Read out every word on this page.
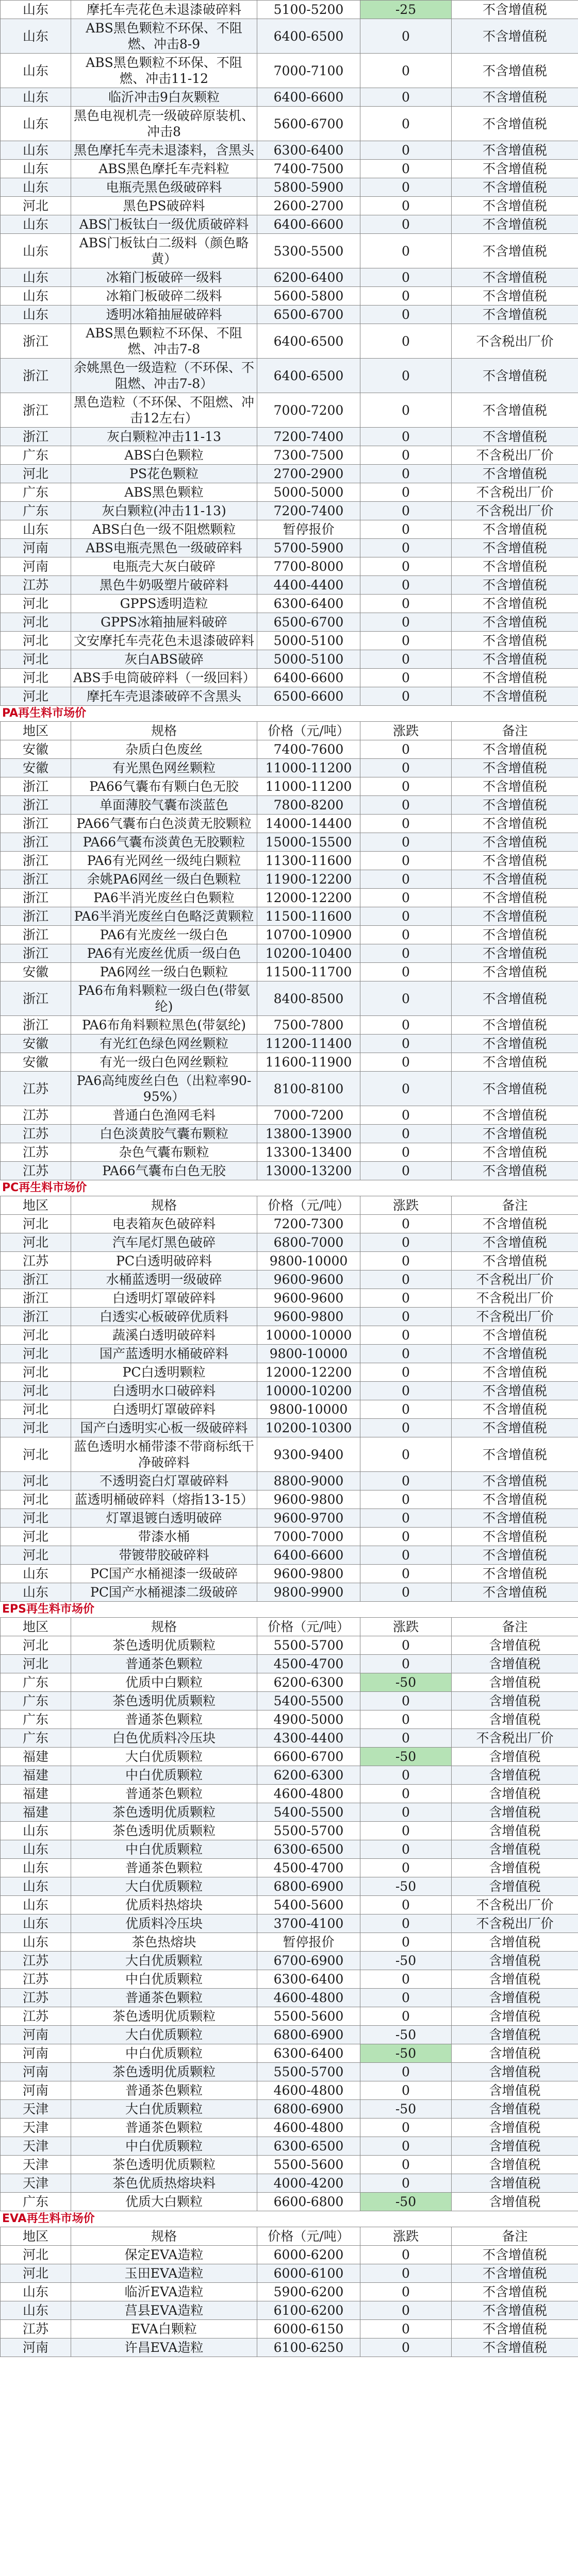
山东	摩托车壳花色未退漆破碎料	5100-5200	-25	不含增值税
山东	ABS黑色颗粒不环保、不阻燃、冲击8-9	6400-6500	0	不含增值税
山东	ABS黑色颗粒不环保、不阻燃、冲击11-12	7000-7100	0	不含增值税
山东	临沂冲击9白灰颗粒	6400-6600	0	不含增值税
山东	黑色电视机壳一级破碎原装机、冲击8	5600-6700	0	不含增值税
山东	黑色摩托车壳未退漆料，含黑头	6300-6400	0	不含增值税
山东	ABS黑色摩托车壳料粒	7400-7500	0	不含增值税
山东	电瓶壳黑色级破碎料	5800-5900	0	不含增值税
河北	黑色PS破碎料	2600-2700	0	不含增值税
山东	ABS门板钛白一级优质破碎料	6400-6600	0	不含增值税
山东	ABS门板钛白二级料（颜色略黄）	5300-5500	0	不含增值税
山东	冰箱门板破碎一级料	6200-6400	0	不含增值税
山东	冰箱门板破碎二级料	5600-5800	0	不含增值税
山东	透明冰箱抽屉破碎料	6500-6700	0	不含增值税
浙江	ABS黑色颗粒不环保、不阻燃、冲击7-8	6400-6500	0	不含税出厂价
浙江	余姚黑色一级造粒（不环保、不阻燃、冲击7-8）	6400-6500	0	不含增值税
浙江	黑色造粒（不环保、不阻燃、冲击12左右）	7000-7200	0	不含增值税
浙江	灰白颗粒冲击11-13	7200-7400	0	不含增值税
广东	ABS白色颗粒	7300-7500	0	不含税出厂价
河北	PS花色颗粒	2700-2900	0	不含增值税
广东	ABS黑色颗粒	5000-5000	0	不含税出厂价
广东	灰白颗粒(冲击11-13)	7200-7400	0	不含税出厂价
山东	ABS白色一级不阻燃颗粒	暂停报价	0	不含增值税
河南	ABS电瓶壳黑色一级破碎料	5700-5900	0	不含增值税
河南	电瓶壳大灰白破碎	7700-8000	0	不含增值税
江苏	黑色牛奶吸塑片破碎料	4400-4400	0	不含增值税
河北	GPPS透明造粒	6300-6400	0	不含增值税
河北	GPPS冰箱抽屉料破碎	6500-6700	0	不含增值税
河北	文安摩托车壳花色未退漆破碎料	5000-5100	0	不含增值税
河北	灰白ABS破碎	5000-5100	0	不含增值税
河北	ABS手电筒破碎料（一级回料）	6400-6600	0	不含增值税
河北	摩托车壳退漆破碎不含黑头	6500-6600	0	不含增值税
PA再生料市场价
地区	规格	价格（元/吨）	涨跌	备注
安徽	杂质白色废丝	7400-7600	0	不含增值税
安徽	有光黑色网丝颗粒	11000-11200	0	不含增值税
浙江	PA66气囊布有颗白色无胶	11000-11200	0	不含增值税
浙江	单面薄胶气囊布淡蓝色	7800-8200	0	不含增值税
浙江	PA66气囊布白色淡黄无胶颗粒	14000-14400	0	不含增值税
浙江	PA66气囊布淡黄色无胶颗粒	15000-15500	0	不含增值税
浙江	PA6有光网丝一级纯白颗粒	11300-11600	0	不含增值税
浙江	余姚PA6网丝一级白色颗粒	11900-12200	0	不含增值税
浙江	PA6半消光废丝白色颗粒	12000-12200	0	不含增值税
浙江	PA6半消光废丝白色略泛黄颗粒	11500-11600	0	不含增值税
浙江	PA6有光废丝一级白色	10700-10900	0	不含增值税
浙江	PA6有光废丝优质一级白色	10200-10400	0	不含增值税
安徽	PA6网丝一级白色颗粒	11500-11700	0	不含增值税
浙江	PA6布角料颗粒一级白色(带氨纶)	8400-8500	0	不含增值税
浙江	PA6布角料颗粒黑色(带氨纶)	7500-7800	0	不含增值税
安徽	有光红色绿色网丝颗粒	11200-11400	0	不含增值税
安徽	有光一级白色网丝颗粒	11600-11900	0	不含增值税
江苏	PA6高纯废丝白色（出粒率90-95%）	8100-8100	0	不含增值税
江苏	普通白色渔网毛料	7000-7200	0	不含增值税
江苏	白色淡黄胶气囊布颗粒	13800-13900	0	不含增值税
江苏	杂色气囊布颗粒	13300-13400	0	不含增值税
江苏	PA66气囊布白色无胶	13000-13200	0	不含增值税
PC再生料市场价
地区	规格	价格（元/吨）	涨跌	备注
河北	电表箱灰色破碎料	7200-7300	0	不含增值税
河北	汽车尾灯黑色破碎	6800-7000	0	不含增值税
江苏	PC白透明破碎料	9800-10000	0	不含增值税
浙江	水桶蓝透明一级破碎	9600-9600	0	不含税出厂价
浙江	白透明灯罩破碎料	9600-9600	0	不含税出厂价
浙江	白透实心板破碎优质料	9600-9800	0	不含税出厂价
河北	蔬溪白透明破碎料	10000-10000	0	不含增值税
河北	国产蓝透明水桶破碎料	9800-10000	0	不含增值税
河北	PC白透明颗粒	12000-12200	0	不含增值税
河北	白透明水口破碎料	10000-10200	0	不含增值税
河北	白透明灯罩破碎料	9800-10000	0	不含增值税
河北	国产白透明实心板一级破碎料	10200-10300	0	不含增值税
河北	蓝色透明水桶带漆不带商标纸干净破碎料	9300-9400	0	不含增值税
河北	不透明瓷白灯罩破碎料	8800-9000	0	不含增值税
河北	蓝透明桶破碎料（熔指13-15）	9600-9800	0	不含增值税
河北	灯罩退镀白透明破碎	9600-9700	0	不含增值税
河北	带漆水桶	7000-7000	0	不含增值税
河北	带镀带胶破碎料	6400-6600	0	不含增值税
山东	PC国产水桶褪漆一级破碎	9600-9800	0	不含增值税
山东	PC国产水桶褪漆二级破碎	9800-9900	0	不含增值税
EPS再生料市场价
地区	规格	价格（元/吨）	涨跌	备注
河北	茶色透明优质颗粒	5500-5700	0	含增值税
河北	普通茶色颗粒	4500-4700	0	含增值税
广东	优质中白颗粒	6200-6300	-50	含增值税
广东	茶色透明优质颗粒	5400-5500	0	含增值税
广东	普通茶色颗粒	4900-5000	0	含增值税
广东	白色优质料冷压块	4300-4400	0	不含税出厂价
福建	大白优质颗粒	6600-6700	-50	含增值税
福建	中白优质颗粒	6200-6300	0	含增值税
福建	普通茶色颗粒	4600-4800	0	含增值税
福建	茶色透明优质颗粒	5400-5500	0	含增值税
山东	茶色透明优质颗粒	5500-5700	0	含增值税
山东	中白优质颗粒	6300-6500	0	含增值税
山东	普通茶色颗粒	4500-4700	0	含增值税
山东	大白优质颗粒	6800-6900	-50	含增值税
山东	优质料热熔块	5400-5600	0	不含税出厂价
山东	优质料冷压块	3700-4100	0	不含税出厂价
山东	茶色热熔块	暂停报价	0	含增值税
江苏	大白优质颗粒	6700-6900	-50	含增值税
江苏	中白优质颗粒	6300-6400	0	含增值税
江苏	普通茶色颗粒	4600-4800	0	含增值税
江苏	茶色透明优质颗粒	5500-5600	0	含增值税
河南	大白优质颗粒	6800-6900	-50	含增值税
河南	中白优质颗粒	6300-6400	-50	含增值税
河南	茶色透明优质颗粒	5500-5700	0	含增值税
河南	普通茶色颗粒	4600-4800	0	含增值税
天津	大白优质颗粒	6800-6900	-50	含增值税
天津	普通茶色颗粒	4600-4800	0	含增值税
天津	中白优质颗粒	6300-6500	0	含增值税
天津	茶色透明优质颗粒	5500-5600	0	含增值税
天津	茶色优质热熔块料	4000-4200	0	含增值税
广东	优质大白颗粒	6600-6800	-50	含增值税
EVA再生料市场价
地区	规格	价格（元/吨）	涨跌	备注
河北	保定EVA造粒	6000-6200	0	不含增值税
河北	玉田EVA造粒	6000-6100	0	不含增值税
山东	临沂EVA造粒	5900-6200	0	不含增值税
山东	莒县EVA造粒	6100-6200	0	不含增值税
江苏	EVA白颗粒	6000-6150	0	不含增值税
河南	许昌EVA造粒	6100-6250	0	不含增值税
